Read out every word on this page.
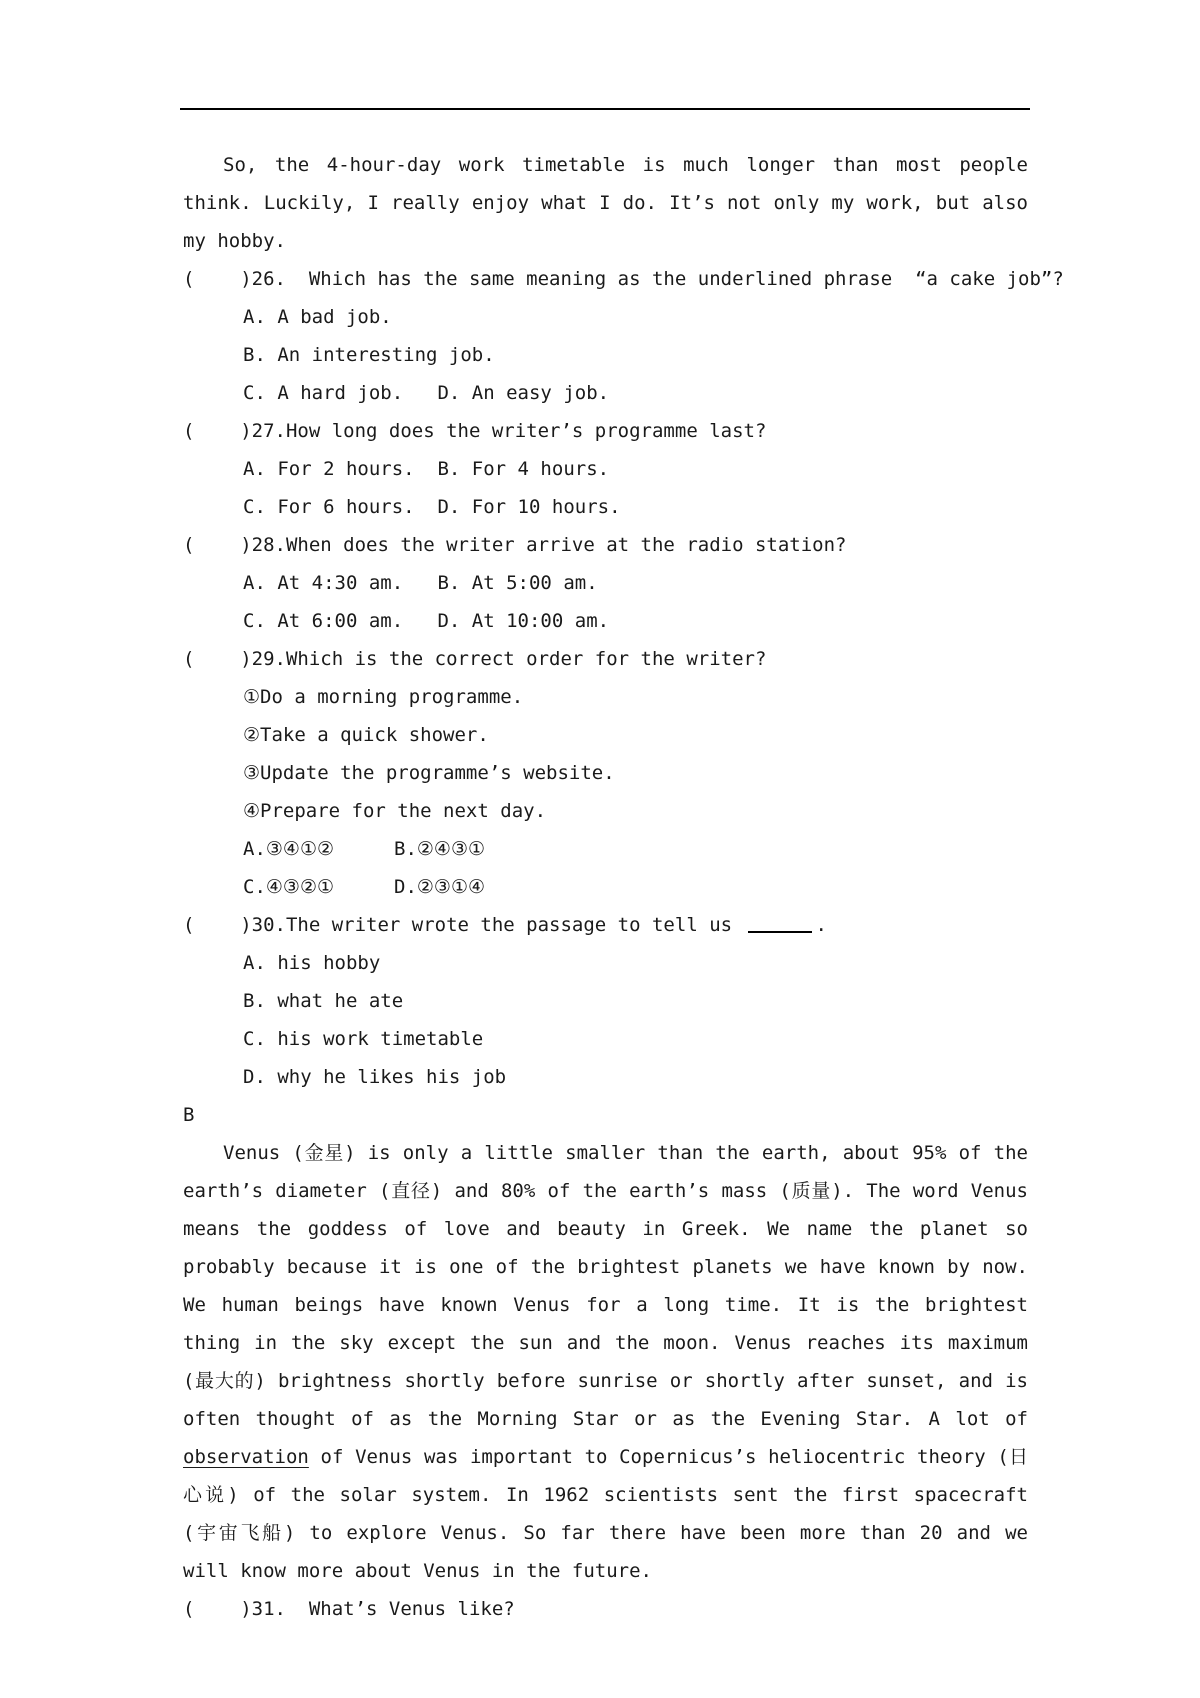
So, the 4-hour-day work timetable is much longer than most people think. Luckily, I really enjoy what I do. It’s not only my work, but also my hobby.

(    )26.  Which has the same meaning as the underlined phrase  “a cake job”?
A. A bad job.
B. An interesting job.
C. A hard job. D. An easy job.
(    )27.How long does the writer’s programme last?
A. For 2 hours. B. For 4 hours.
C. For 6 hours. D. For 10 hours.
(    )28.When does the writer arrive at the radio station?
A. At 4:30 am. B. At 5:00 am.
C. At 6:00 am. D. At 10:00 am.
(    )29.Which is the correct order for the writer?
①Do a morning programme.
②Take a quick shower.
③Update the programme’s website.
④Prepare for the next day.
A.③④①②	B.②④③①
C.④③②①	D.②③①④
(    )30.The writer wrote the passage to tell us	.
A. his hobby
B. what he ate
C. his work timetable
D. why he likes his job
B

Venus (金星) is only a little smaller than the earth, about 95% of the earth’s diameter (直径) and 80% of the earth’s mass (质量). The word Venus means the goddess of love and beauty in Greek. We name the planet so probably because it is one of the brightest planets we have known by now. We human beings have known Venus for a long time. It is the brightest thing in the sky except the sun and the moon. Venus reaches its maximum (最大的) brightness shortly before sunrise or shortly after sunset, and is often thought of as the Morning Star or as the Evening Star. A lot of observation of Venus was important to Copernicus’s heliocentric theory (日心说) of the solar system. In 1962 scientists sent the first spacecraft (宇宙飞船) to explore Venus. So far there have been more than 20 and we will know more about Venus in the future.

(    )31.  What’s Venus like?
